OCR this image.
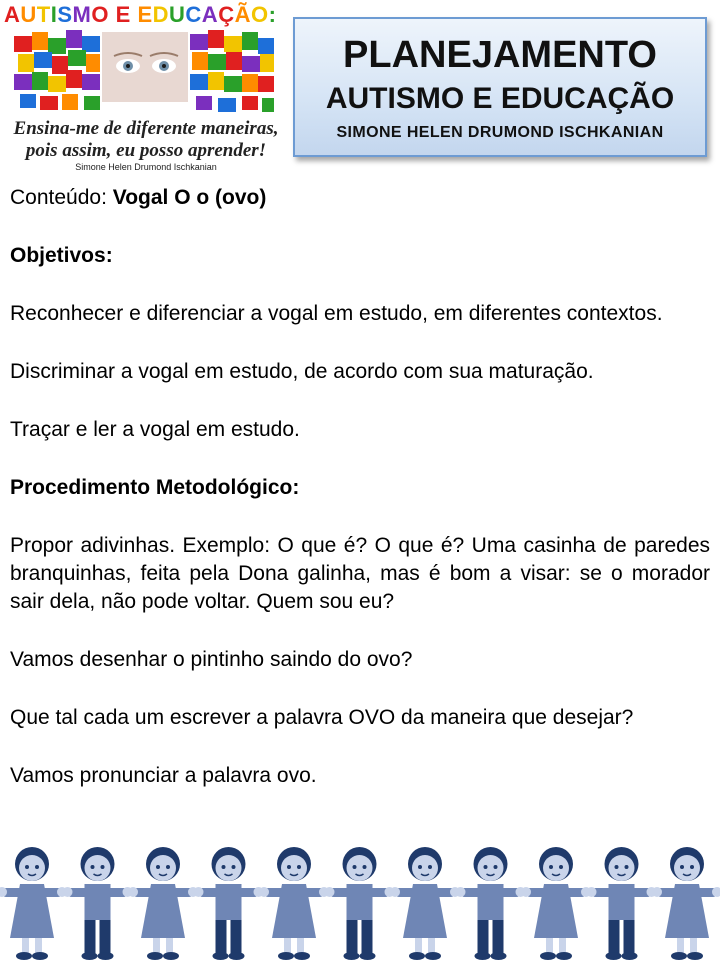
AUTISMO E EDUCAÇÃO:
Ensina-me de diferente maneiras,
pois assim, eu posso aprender!
Simone Helen Drumond Ischkanian
PLANEJAMENTO
AUTISMO E EDUCAÇÃO
SIMONE HELEN DRUMOND ISCHKANIAN

Conteúdo: Vogal O o (ovo)

Objetivos:

Reconhecer e diferenciar a vogal em estudo, em diferentes contextos.

Discriminar a vogal em estudo, de acordo com sua maturação.

Traçar e ler a vogal em estudo.

Procedimento Metodológico:

Propor adivinhas. Exemplo: O que é? O que é? Uma casinha de paredes branquinhas, feita pela Dona galinha, mas é bom a visar: se o morador sair dela, não pode voltar. Quem sou eu?

Vamos desenhar o pintinho saindo do ovo?

Que tal cada um escrever a palavra OVO da maneira que desejar?

Vamos pronunciar a palavra ovo.
